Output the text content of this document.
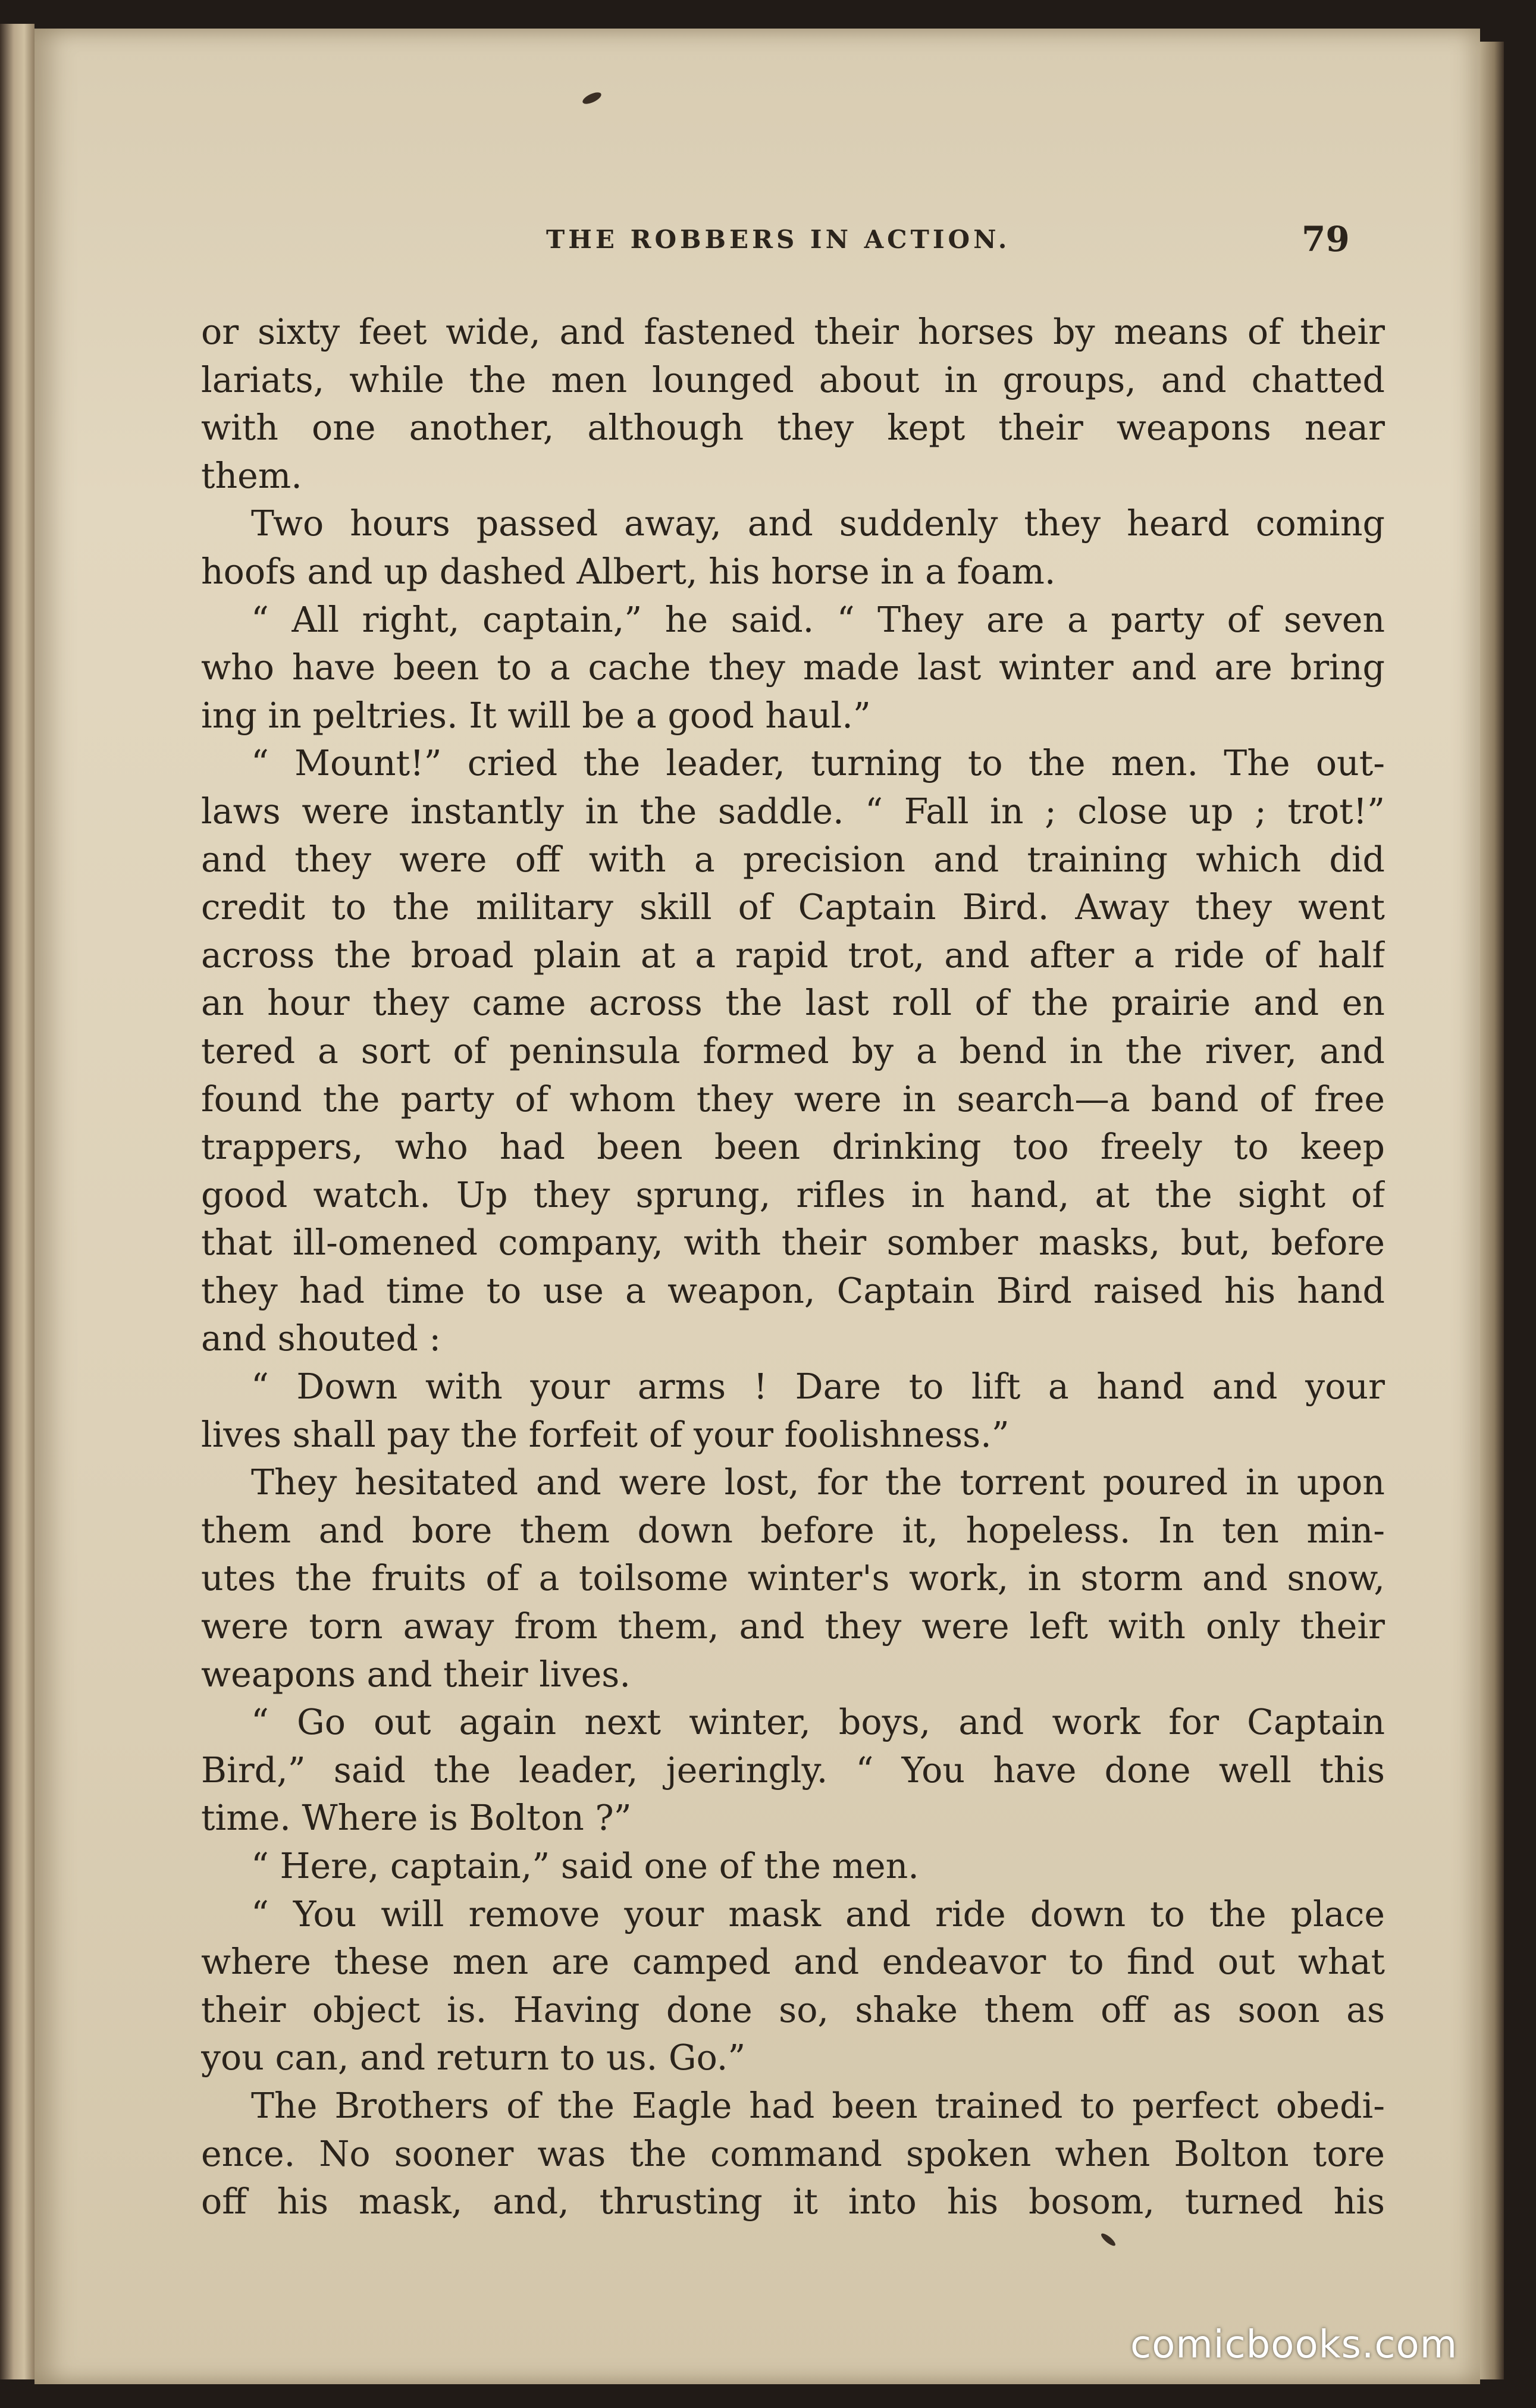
THE ROBBERS IN ACTION.	79
or sixty feet wide, and fastened their horses by means of their
lariats, while the men lounged about in groups, and chatted
with one another, although they kept their weapons near
them.
Two hours passed away, and suddenly they heard coming
hoofs and up dashed Albert, his horse in a foam.
“ All right, captain,” he said. “ They are a party of seven
who have been to a cache they made last winter and are bring
ing in peltries. It will be a good haul.”
“ Mount!” cried the leader, turning to the men. The out-
laws were instantly in the saddle. “ Fall in ; close up ; trot!”
and they were off with a precision and training which did
credit to the military skill of Captain Bird. Away they went
across the broad plain at a rapid trot, and after a ride of half
an hour they came across the last roll of the prairie and en
tered a sort of peninsula formed by a bend in the river, and
found the party of whom they were in search—a band of free
trappers, who had been been drinking too freely to keep
good watch. Up they sprung, rifles in hand, at the sight of
that ill-omened company, with their somber masks, but, before
they had time to use a weapon, Captain Bird raised his hand
and shouted :
“ Down with your arms ! Dare to lift a hand and your
lives shall pay the forfeit of your foolishness.”
They hesitated and were lost, for the torrent poured in upon
them and bore them down before it, hopeless. In ten min-
utes the fruits of a toilsome winter's work, in storm and snow,
were torn away from them, and they were left with only their
weapons and their lives.
“ Go out again next winter, boys, and work for Captain
Bird,” said the leader, jeeringly. “ You have done well this
time. Where is Bolton ?”
“ Here, captain,” said one of the men.
“ You will remove your mask and ride down to the place
where these men are camped and endeavor to find out what
their object is. Having done so, shake them off as soon as
you can, and return to us. Go.”
The Brothers of the Eagle had been trained to perfect obedi-
ence. No sooner was the command spoken when Bolton tore
off his mask, and, thrusting it into his bosom, turned his
comicbooks.com
